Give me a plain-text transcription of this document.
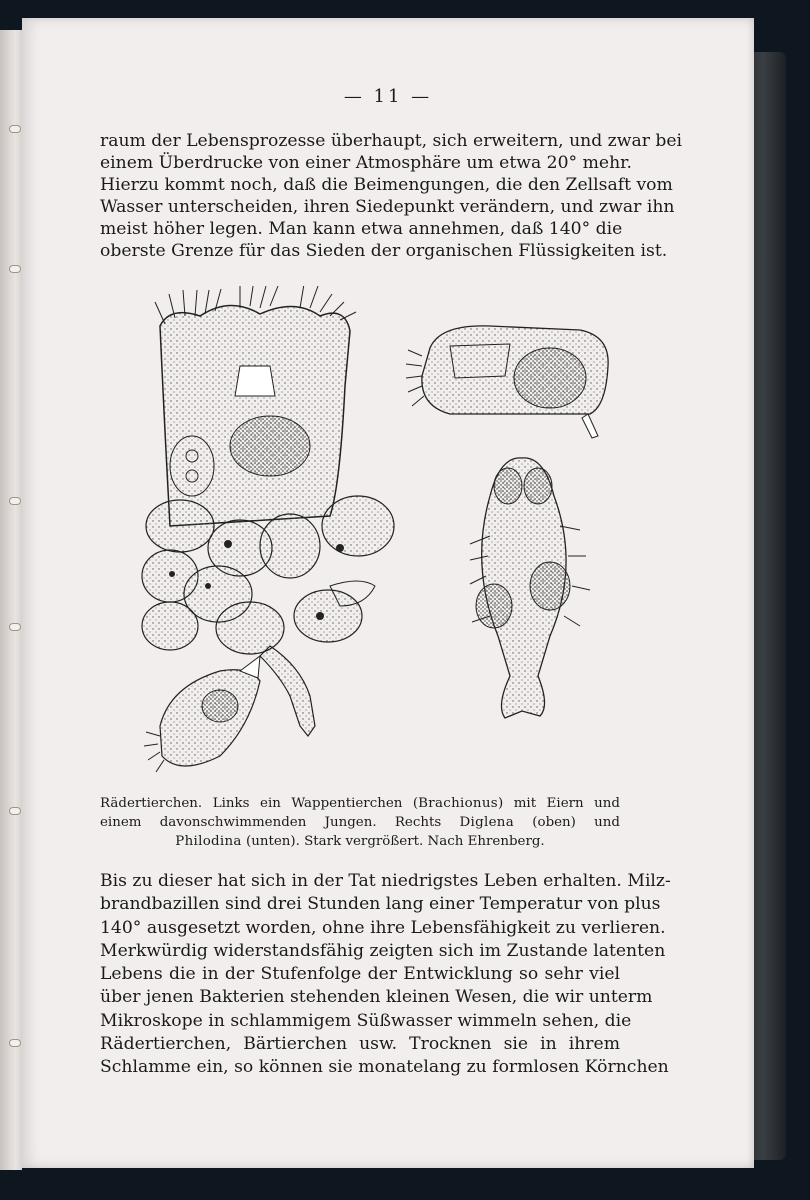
— 11 —
raum der Lebensprozesse überhaupt, sich erweitern, und zwar bei
einem Überdrucke von einer Atmosphäre um etwa 20° mehr.
Hierzu kommt noch, daß die Beimengungen, die den Zellsaft vom
Wasser unterscheiden, ihren Siedepunkt verändern, und zwar ihn
meist höher legen. Man kann etwa annehmen, daß 140° die
oberste Grenze für das Sieden der organischen Flüssigkeiten ist.
Rädertierchen. Links ein Wappentierchen (Brachionus) mit Eiern und
einem davonschwimmenden Jungen. Rechts Diglena (oben) und
Philodina (unten). Stark vergrößert. Nach Ehrenberg.
Bis zu dieser hat sich in der Tat niedrigstes Leben erhalten. Milz-
brandbazillen sind drei Stunden lang einer Temperatur von plus
140° ausgesetzt worden, ohne ihre Lebensfähigkeit zu verlieren.
Merkwürdig widerstandsfähig zeigten sich im Zustande latenten
Lebens die in der Stufenfolge der Entwicklung so sehr viel
über jenen Bakterien stehenden kleinen Wesen, die wir unterm
Mikroskope in schlammigem Süßwasser wimmeln sehen, die
Rädertierchen, Bärtierchen usw. Trocknen sie in ihrem
Schlamme ein, so können sie monatelang zu formlosen Körnchen
